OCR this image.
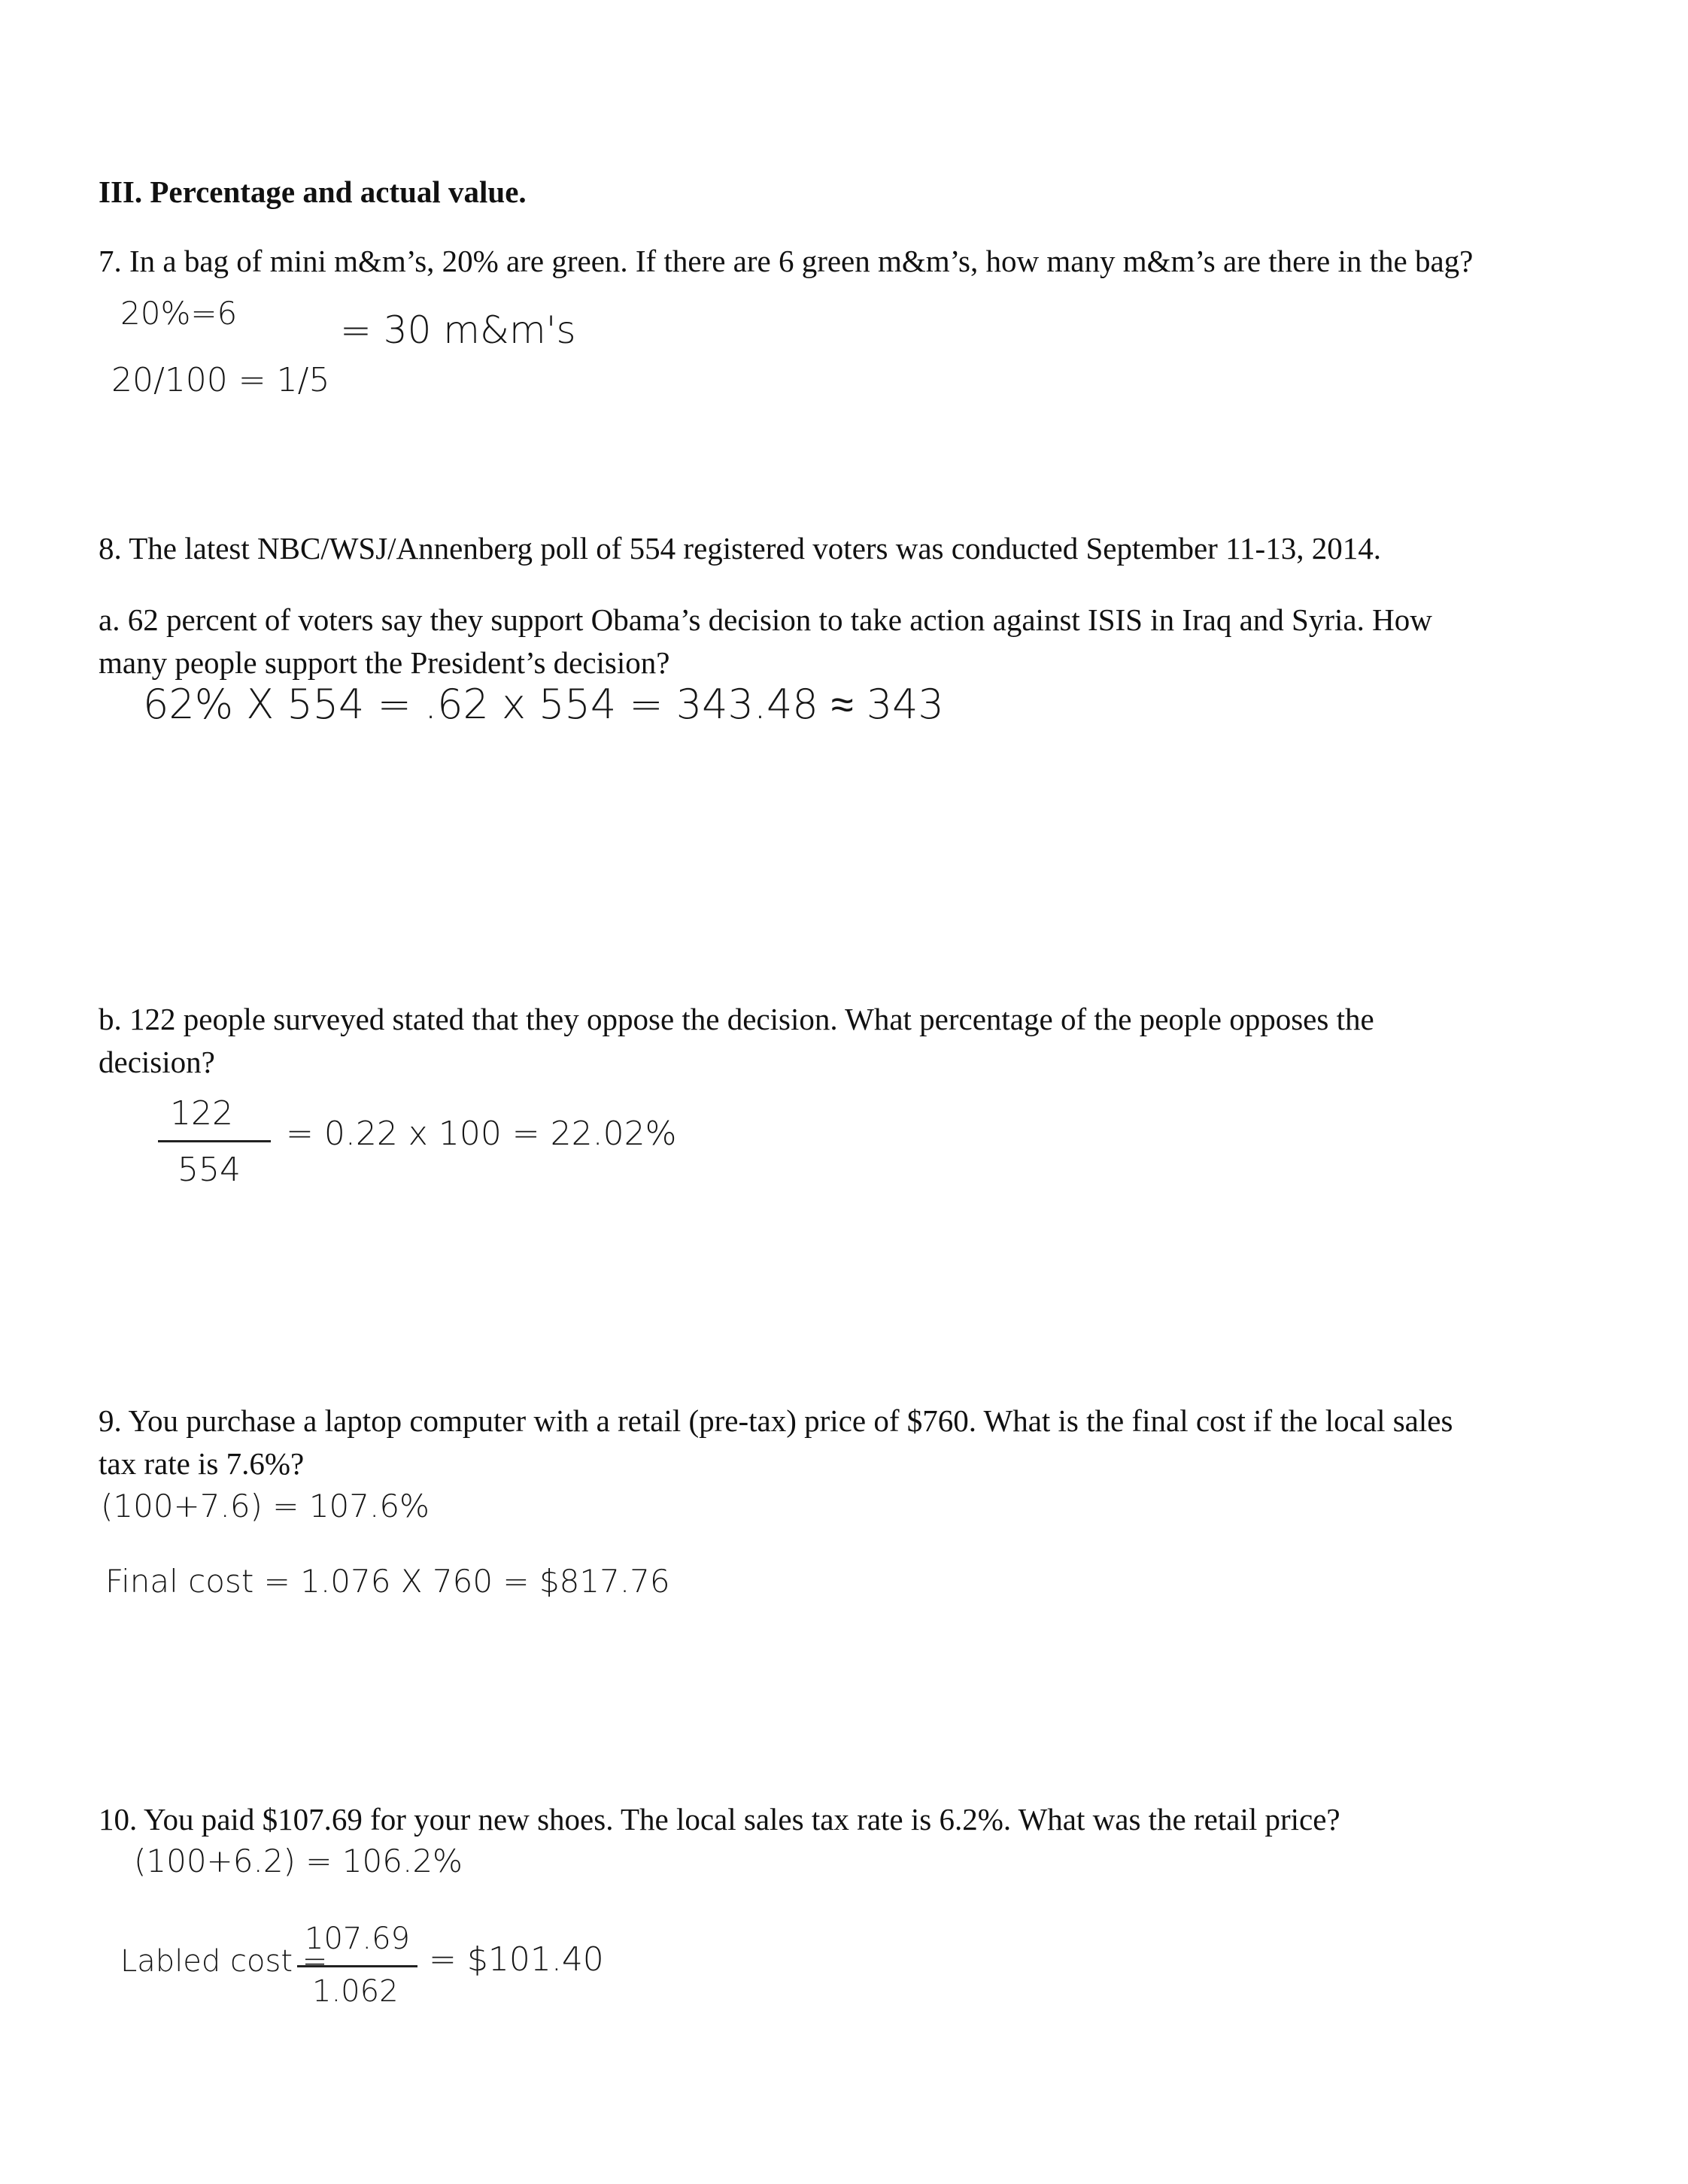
III. Percentage and actual value.
7. In a bag of mini m&m’s, 20% are green. If there are 6 green m&m’s, how many m&m’s are there in the bag?
20%=6	= 30 m&m's
20/100 = 1/5
8. The latest NBC/WSJ/Annenberg poll of 554 registered voters was conducted September 11-13, 2014.
a. 62 percent of voters say they support Obama’s decision to take action against ISIS in Iraq and Syria. How
many people support the President’s decision?
62% X 554 = .62 x 554 = 343.48 ≈ 343
b. 122 people surveyed stated that they oppose the decision. What percentage of the people opposes the
decision?
122
554
= 0.22 x 100 = 22.02%
9. You purchase a laptop computer with a retail (pre-tax) price of $760. What is the final cost if the local sales
tax rate is 7.6%?
(100+7.6) = 107.6%
Final cost = 1.076 X 760 = $817.76
10. You paid $107.69 for your new shoes. The local sales tax rate is 6.2%. What was the retail price?
(100+6.2) = 106.2%
Labled cost =
107.69
1.062
= $101.40
